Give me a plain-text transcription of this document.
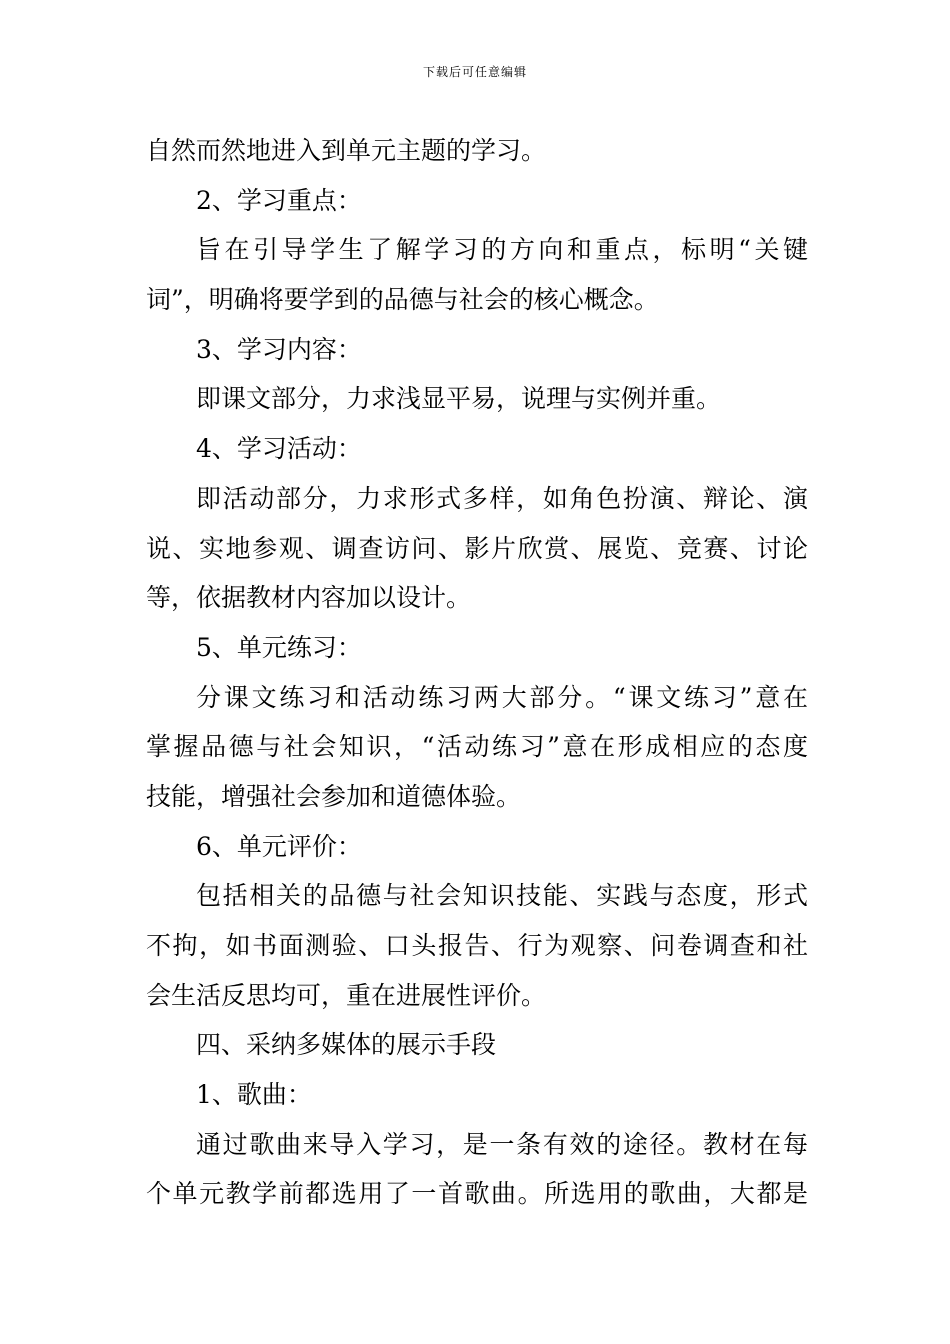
下载后可任意编辑
自然而然地进入到单元主题的学习。
2、学习重点：
旨在引导学生了解学习的方向和重点，标明“关键
词”，明确将要学到的品德与社会的核心概念。
3、学习内容：
即课文部分，力求浅显平易，说理与实例并重。
4、学习活动：
即活动部分，力求形式多样，如角色扮演、辩论、演
说、实地参观、调查访问、影片欣赏、展览、竞赛、讨论
等，依据教材内容加以设计。
5、单元练习：
分课文练习和活动练习两大部分。“课文练习”意在
掌握品德与社会知识，“活动练习”意在形成相应的态度
技能，增强社会参加和道德体验。
6、单元评价：
包括相关的品德与社会知识技能、实践与态度，形式
不拘，如书面测验、口头报告、行为观察、问卷调查和社
会生活反思均可，重在进展性评价。
四、采纳多媒体的展示手段
1、歌曲：
通过歌曲来导入学习，是一条有效的途径。教材在每
个单元教学前都选用了一首歌曲。所选用的歌曲，大都是
